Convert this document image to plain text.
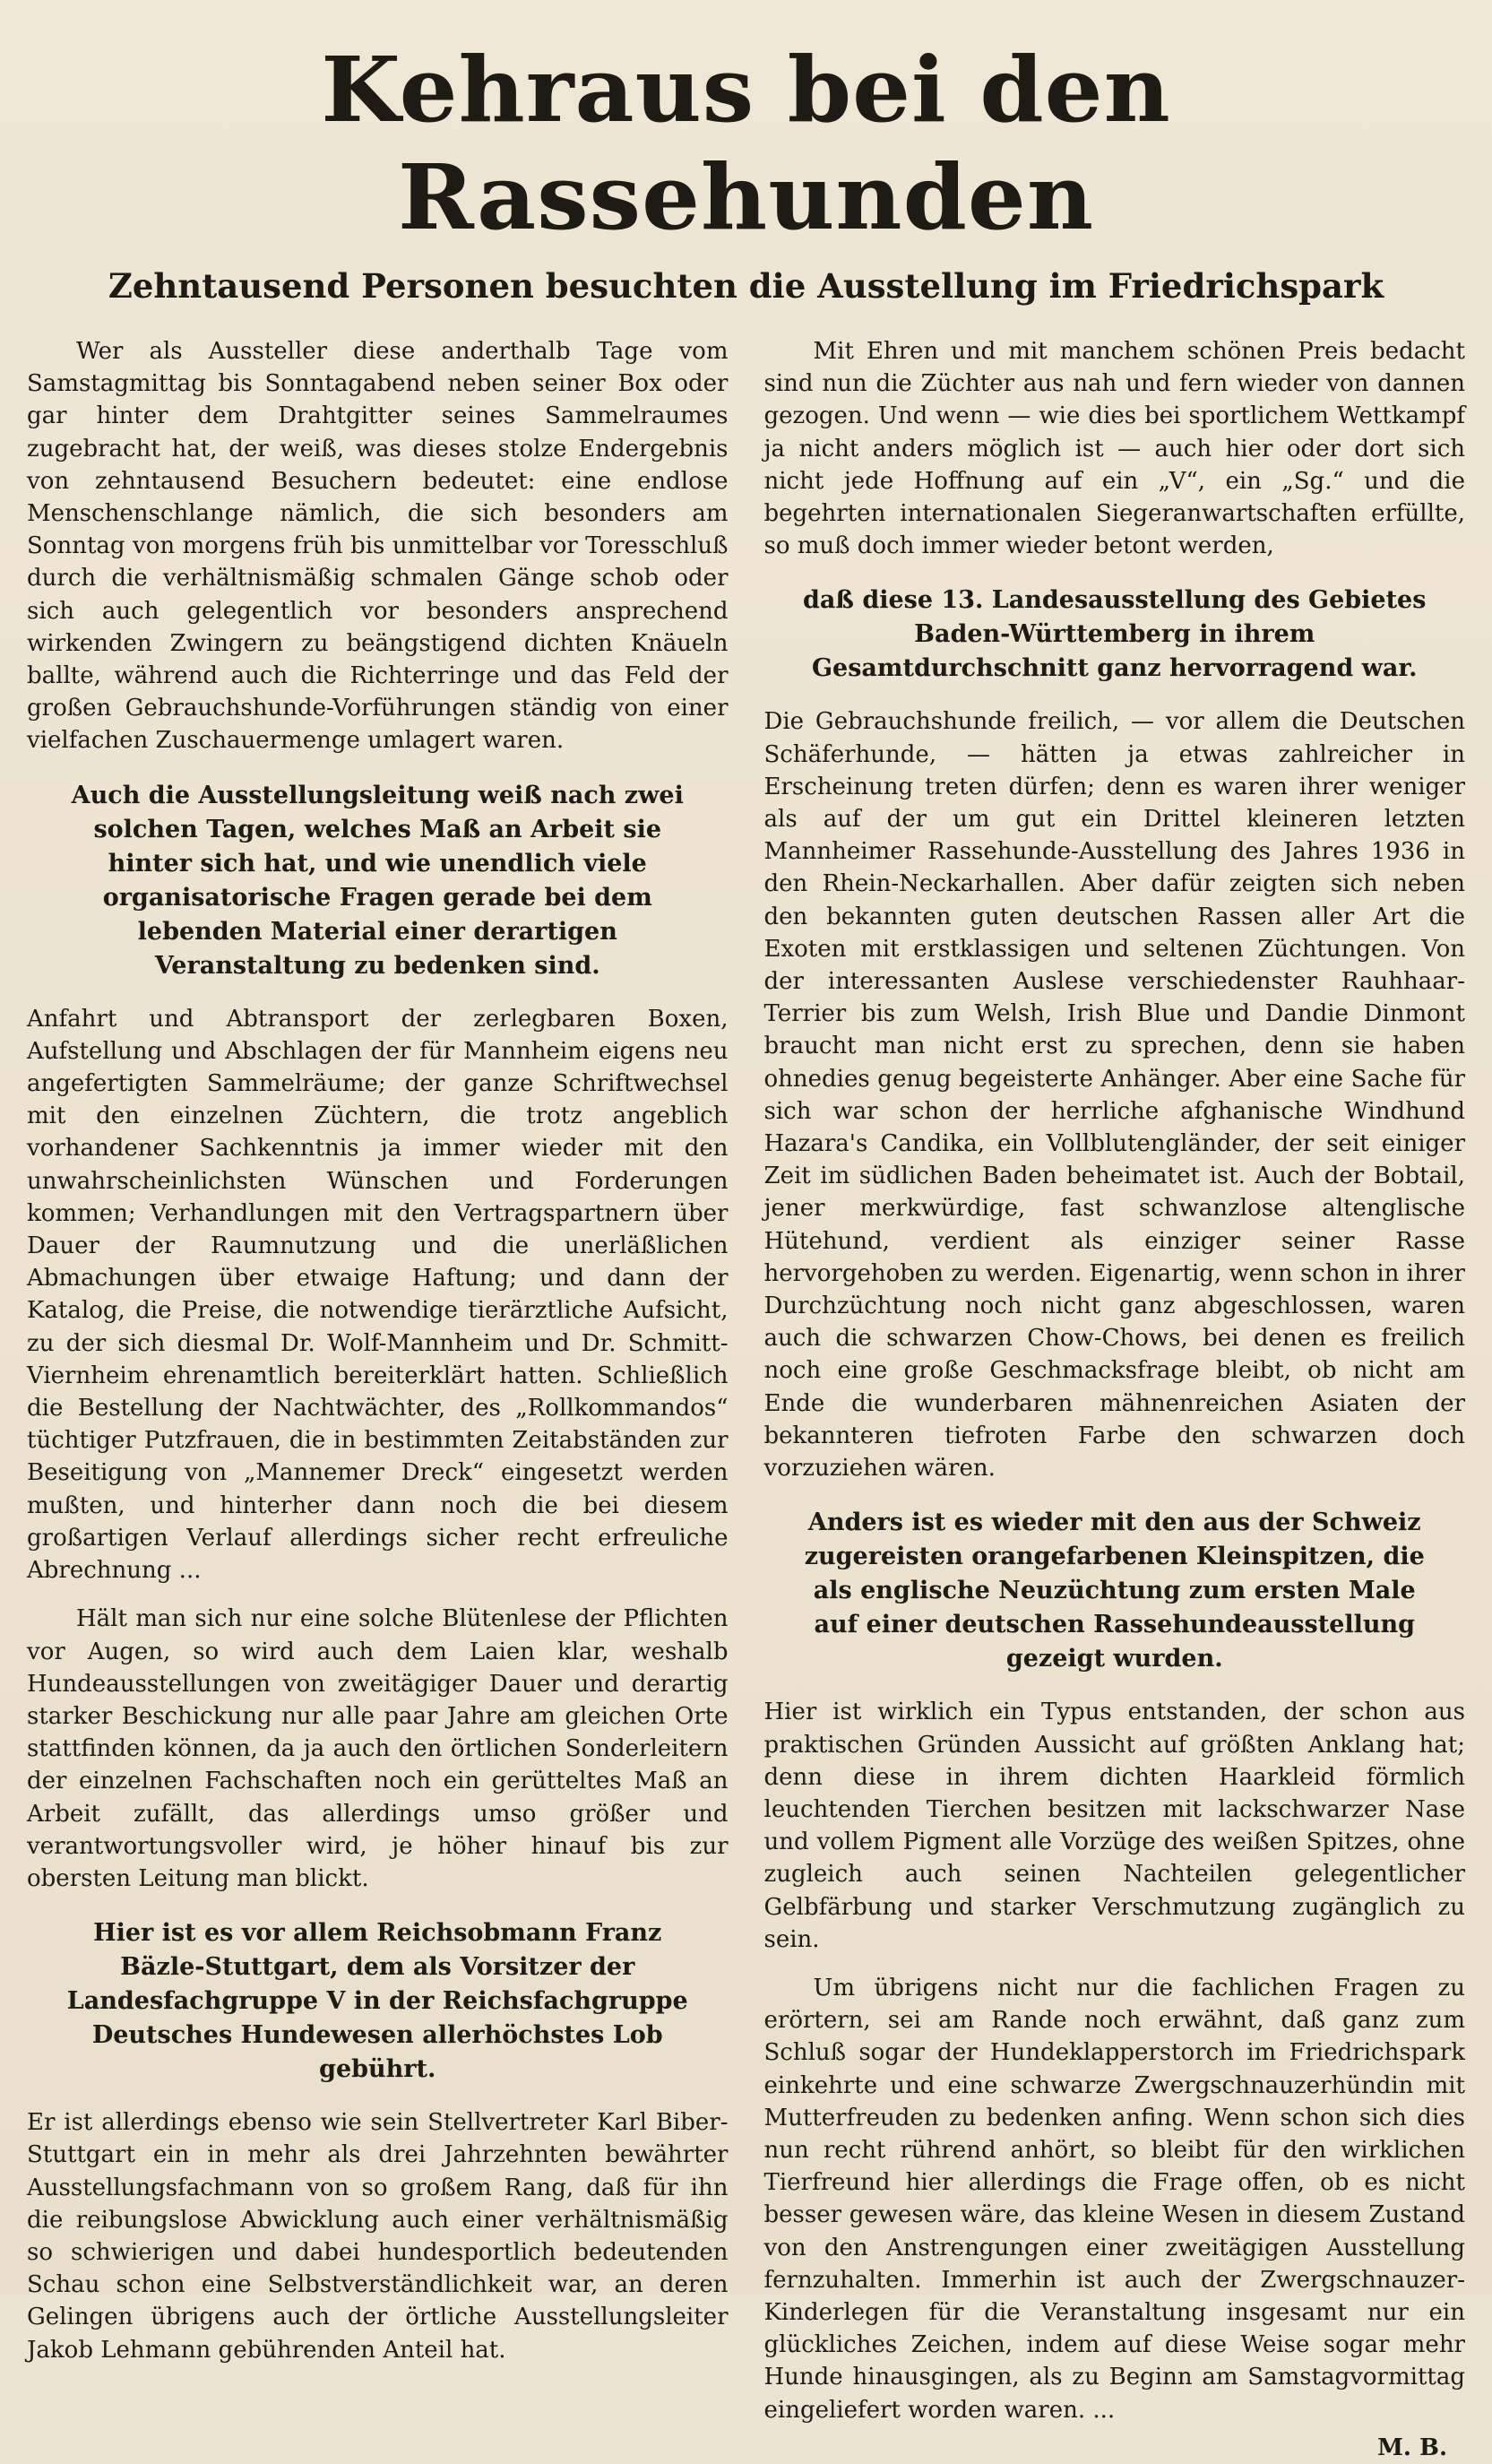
Kehraus bei den Rassehunden
Zehntausend Personen besuchten die Ausstellung im Friedrichspark

Wer als Aussteller diese anderthalb Tage vom Samstagmittag bis Sonntagabend neben seiner Box oder gar hinter dem Drahtgitter seines Sammelraumes zugebracht hat, der weiß, was dieses stolze Endergebnis von zehntausend Besuchern bedeutet: eine endlose Menschenschlange nämlich, die sich besonders am Sonntag von morgens früh bis unmittelbar vor Toresschluß durch die verhältnismäßig schmalen Gänge schob oder sich auch gelegentlich vor besonders ansprechend wirkenden Zwingern zu beängstigend dichten Knäueln ballte, während auch die Richterringe und das Feld der großen Gebrauchshunde-Vorführungen ständig von einer vielfachen Zuschauermenge umlagert waren.

Auch die Ausstellungsleitung weiß nach zwei solchen Tagen, welches Maß an Arbeit sie hinter sich hat, und wie unendlich viele organisatorische Fragen gerade bei dem lebenden Material einer derartigen Veranstaltung zu bedenken sind.

Anfahrt und Abtransport der zerlegbaren Boxen, Aufstellung und Abschlagen der für Mannheim eigens neu angefertigten Sammelräume; der ganze Schriftwechsel mit den einzelnen Züchtern, die trotz angeblich vorhandener Sachkenntnis ja immer wieder mit den unwahrscheinlichsten Wünschen und Forderungen kommen; Verhandlungen mit den Vertragspartnern über Dauer der Raumnutzung und die unerläßlichen Abmachungen über etwaige Haftung; und dann der Katalog, die Preise, die notwendige tierärztliche Aufsicht, zu der sich diesmal Dr. Wolf-Mannheim und Dr. Schmitt-Viernheim ehrenamtlich bereiterklärt hatten. Schließlich die Bestellung der Nachtwächter, des „Rollkommandos“ tüchtiger Putzfrauen, die in bestimmten Zeitabständen zur Beseitigung von „Mannemer Dreck“ eingesetzt werden mußten, und hinterher dann noch die bei diesem großartigen Verlauf allerdings sicher recht erfreuliche Abrechnung ...

Hält man sich nur eine solche Blütenlese der Pflichten vor Augen, so wird auch dem Laien klar, weshalb Hundeausstellungen von zweitägiger Dauer und derartig starker Beschickung nur alle paar Jahre am gleichen Orte stattfinden können, da ja auch den örtlichen Sonderleitern der einzelnen Fachschaften noch ein gerütteltes Maß an Arbeit zufällt, das allerdings umso größer und verantwortungsvoller wird, je höher hinauf bis zur obersten Leitung man blickt.

Hier ist es vor allem Reichsobmann Franz Bäzle-Stuttgart, dem als Vorsitzer der Landesfachgruppe V in der Reichsfachgruppe Deutsches Hundewesen allerhöchstes Lob gebührt.

Er ist allerdings ebenso wie sein Stellvertreter Karl Biber-Stuttgart ein in mehr als drei Jahrzehnten bewährter Ausstellungsfachmann von so großem Rang, daß für ihn die reibungslose Abwicklung auch einer verhältnismäßig so schwierigen und dabei hundesportlich bedeutenden Schau schon eine Selbstverständlichkeit war, an deren Gelingen übrigens auch der örtliche Ausstellungsleiter Jakob Lehmann gebührenden Anteil hat.

Mit Ehren und mit manchem schönen Preis bedacht sind nun die Züchter aus nah und fern wieder von dannen gezogen. Und wenn — wie dies bei sportlichem Wettkampf ja nicht anders möglich ist — auch hier oder dort sich nicht jede Hoffnung auf ein „V“, ein „Sg.“ und die begehrten internationalen Siegeranwartschaften erfüllte, so muß doch immer wieder betont werden,

daß diese 13. Landesausstellung des Gebietes Baden-Württemberg in ihrem Gesamtdurchschnitt ganz hervorragend war.

Die Gebrauchshunde freilich, — vor allem die Deutschen Schäferhunde, — hätten ja etwas zahlreicher in Erscheinung treten dürfen; denn es waren ihrer weniger als auf der um gut ein Drittel kleineren letzten Mannheimer Rassehunde-Ausstellung des Jahres 1936 in den Rhein-Neckarhallen. Aber dafür zeigten sich neben den bekannten guten deutschen Rassen aller Art die Exoten mit erstklassigen und seltenen Züchtungen. Von der interessanten Auslese verschiedenster Rauhhaar-Terrier bis zum Welsh, Irish Blue und Dandie Dinmont braucht man nicht erst zu sprechen, denn sie haben ohnedies genug begeisterte Anhänger. Aber eine Sache für sich war schon der herrliche afghanische Windhund Hazara's Candika, ein Vollblutengländer, der seit einiger Zeit im südlichen Baden beheimatet ist. Auch der Bobtail, jener merkwürdige, fast schwanzlose altenglische Hütehund, verdient als einziger seiner Rasse hervorgehoben zu werden. Eigenartig, wenn schon in ihrer Durchzüchtung noch nicht ganz abgeschlossen, waren auch die schwarzen Chow-Chows, bei denen es freilich noch eine große Geschmacksfrage bleibt, ob nicht am Ende die wunderbaren mähnenreichen Asiaten der bekannteren tiefroten Farbe den schwarzen doch vorzuziehen wären.

Anders ist es wieder mit den aus der Schweiz zugereisten orangefarbenen Kleinspitzen, die als englische Neuzüchtung zum ersten Male auf einer deutschen Rassehundeausstellung gezeigt wurden.

Hier ist wirklich ein Typus entstanden, der schon aus praktischen Gründen Aussicht auf größten Anklang hat; denn diese in ihrem dichten Haarkleid förmlich leuchtenden Tierchen besitzen mit lackschwarzer Nase und vollem Pigment alle Vorzüge des weißen Spitzes, ohne zugleich auch seinen Nachteilen gelegentlicher Gelbfärbung und starker Verschmutzung zugänglich zu sein.

Um übrigens nicht nur die fachlichen Fragen zu erörtern, sei am Rande noch erwähnt, daß ganz zum Schluß sogar der Hundeklapperstorch im Friedrichspark einkehrte und eine schwarze Zwergschnauzerhündin mit Mutterfreuden zu bedenken anfing. Wenn schon sich dies nun recht rührend anhört, so bleibt für den wirklichen Tierfreund hier allerdings die Frage offen, ob es nicht besser gewesen wäre, das kleine Wesen in diesem Zustand von den Anstrengungen einer zweitägigen Ausstellung fernzuhalten. Immerhin ist auch der Zwergschnauzer-Kinderlegen für die Veranstaltung insgesamt nur ein glückliches Zeichen, indem auf diese Weise sogar mehr Hunde hinausgingen, als zu Beginn am Samstagvormittag eingeliefert worden waren. ...

M. B.
